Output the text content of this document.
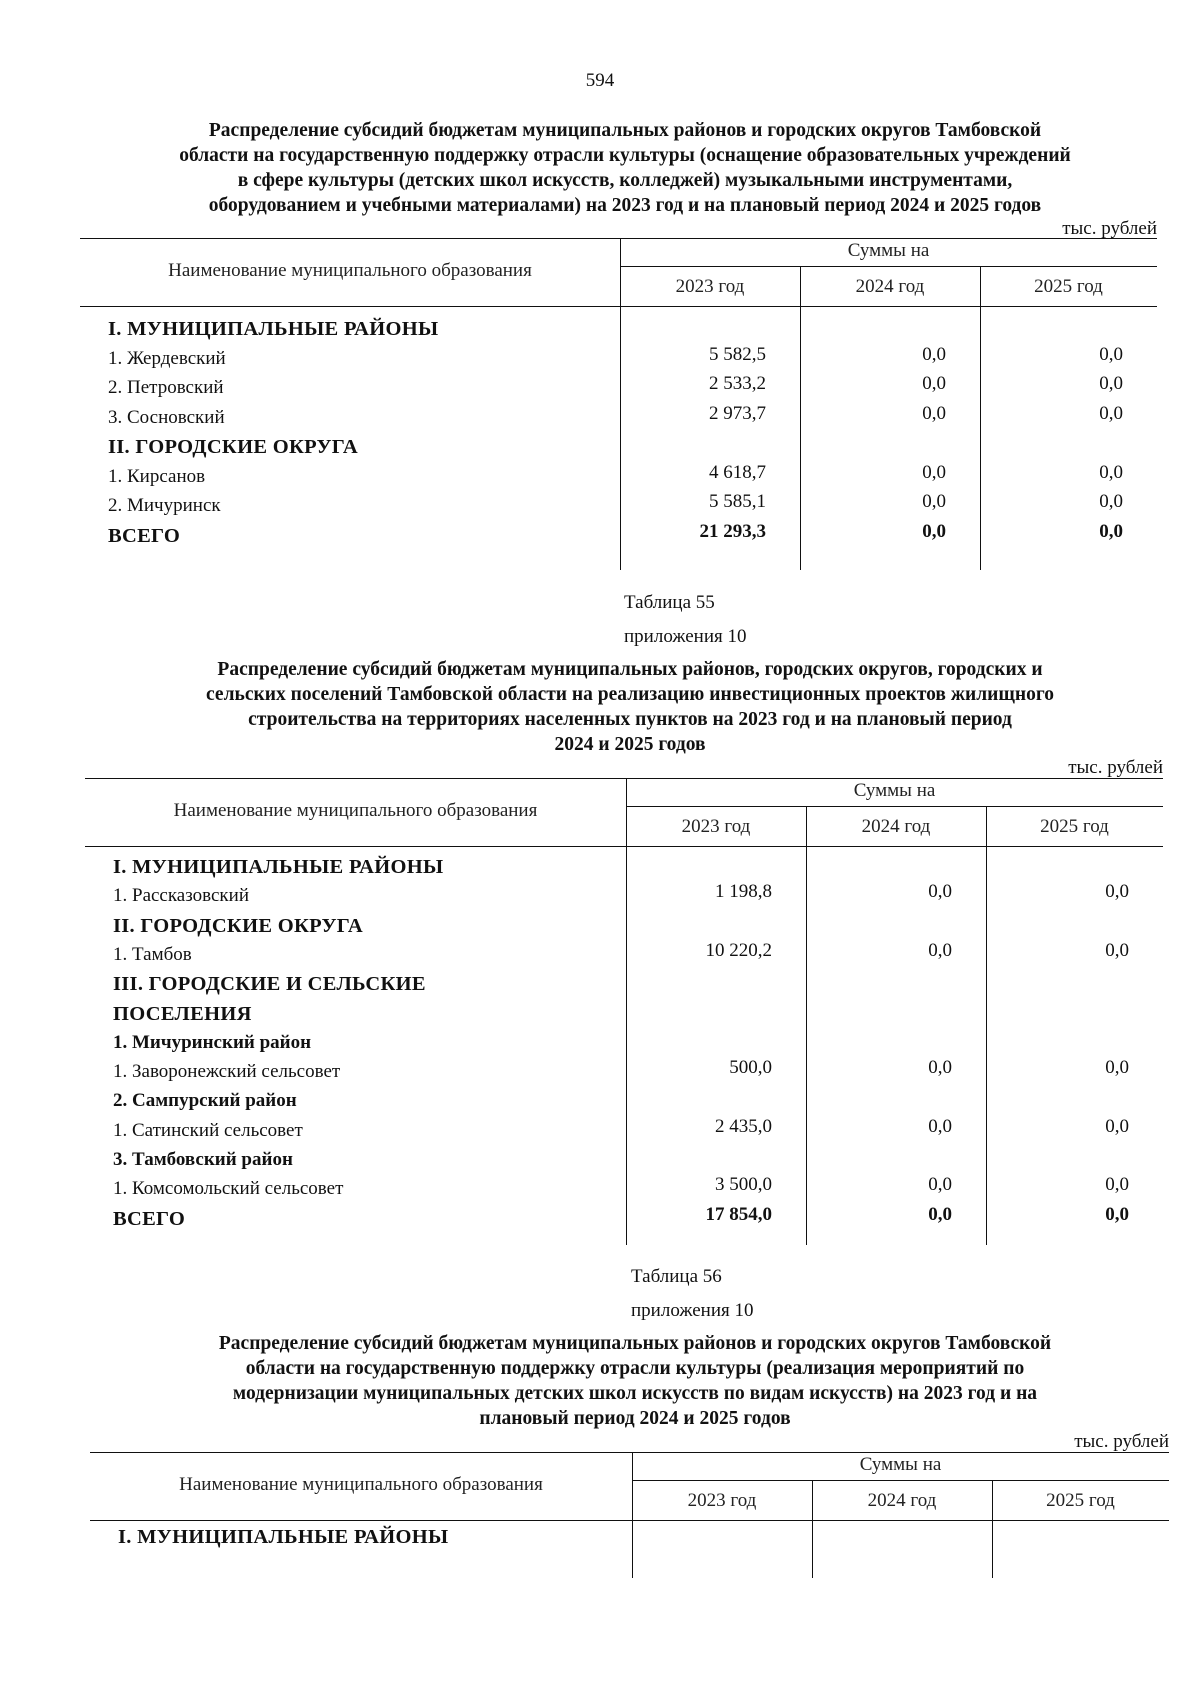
594
Распределение субсидий бюджетам муниципальных районов и городских округов Тамбовской
области на государственную поддержку отрасли культуры (оснащение образовательных учреждений
в сфере культуры (детских школ искусств, колледжей) музыкальными инструментами,
оборудованием и учебными материалами) на 2023 год и на плановый период 2024 и 2025 годов
тыс. рублей
Таблица 55
приложения 10
Распределение субсидий бюджетам муниципальных районов, городских округов, городских и
сельских поселений Тамбовской области на реализацию инвестиционных проектов жилищного
строительства на территориях населенных пунктов на 2023 год и на плановый период
2024 и 2025 годов
тыс. рублей
Таблица 56
приложения 10
Распределение субсидий бюджетам муниципальных районов и городских округов Тамбовской
области на государственную поддержку отрасли культуры (реализация мероприятий по
модернизации муниципальных детских школ искусств по видам искусств) на 2023 год и на
плановый период 2024 и 2025 годов
тыс. рублей
Наименование муниципального образования
Суммы на
2023 год	2024 год	2025 год
I. МУНИЦИПАЛЬНЫЕ РАЙОНЫ
1. Жердевский	5 582,5	0,0	0,0
2. Петровский	2 533,2	0,0	0,0
3. Сосновский	2 973,7	0,0	0,0
II. ГОРОДСКИЕ ОКРУГА
1. Кирсанов	4 618,7	0,0	0,0
2. Мичуринск	5 585,1	0,0	0,0
ВСЕГО	21 293,3	0,0	0,0
Наименование муниципального образования
Суммы на
2023 год	2024 год	2025 год
I. МУНИЦИПАЛЬНЫЕ РАЙОНЫ
1. Рассказовский	1 198,8	0,0	0,0
II. ГОРОДСКИЕ ОКРУГА
1. Тамбов	10 220,2	0,0	0,0
III. ГОРОДСКИЕ И СЕЛЬСКИЕ
ПОСЕЛЕНИЯ
1. Мичуринский район
1. Заворонежский сельсовет	500,0	0,0	0,0
2. Сампурский район
1. Сатинский сельсовет	2 435,0	0,0	0,0
3. Тамбовский район
1. Комсомольский сельсовет	3 500,0	0,0	0,0
ВСЕГО	17 854,0	0,0	0,0
Наименование муниципального образования
Суммы на
2023 год	2024 год	2025 год
I. МУНИЦИПАЛЬНЫЕ РАЙОНЫ
